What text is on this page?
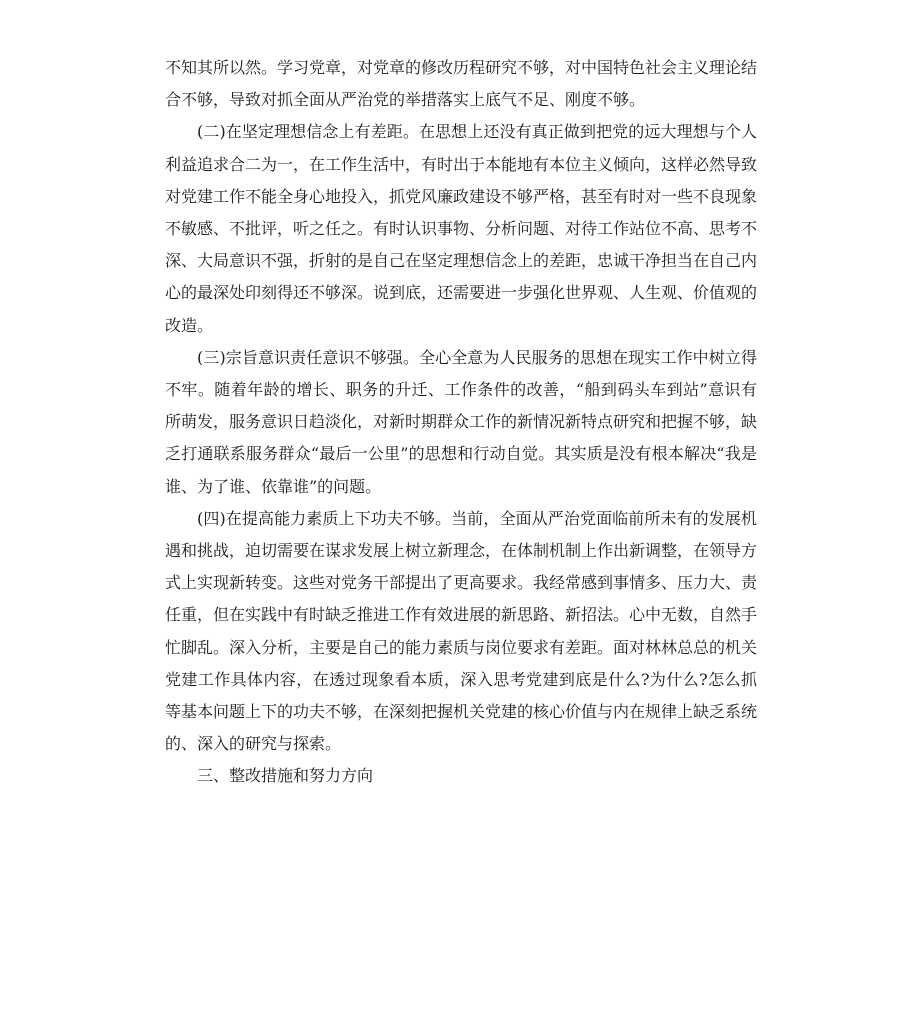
不知其所以然。学习党章，对党章的修改历程研究不够，对中国特色社会主义理论结合不够，导致对抓全面从严治党的举措落实上底气不足、刚度不够。

(二)在坚定理想信念上有差距。在思想上还没有真正做到把党的远大理想与个人利益追求合二为一，在工作生活中，有时出于本能地有本位主义倾向，这样必然导致对党建工作不能全身心地投入，抓党风廉政建设不够严格，甚至有时对一些不良现象不敏感、不批评，听之任之。有时认识事物、分析问题、对待工作站位不高、思考不深、大局意识不强，折射的是自己在坚定理想信念上的差距，忠诚干净担当在自己内心的最深处印刻得还不够深。说到底，还需要进一步强化世界观、人生观、价值观的改造。

(三)宗旨意识责任意识不够强。全心全意为人民服务的思想在现实工作中树立得不牢。随着年龄的增长、职务的升迁、工作条件的改善，“船到码头车到站”意识有所萌发，服务意识日趋淡化，对新时期群众工作的新情况新特点研究和把握不够，缺乏打通联系服务群众“最后一公里”的思想和行动自觉。其实质是没有根本解决“我是谁、为了谁、依靠谁”的问题。

(四)在提高能力素质上下功夫不够。当前，全面从严治党面临前所未有的发展机遇和挑战，迫切需要在谋求发展上树立新理念，在体制机制上作出新调整，在领导方式上实现新转变。这些对党务干部提出了更高要求。我经常感到事情多、压力大、责任重，但在实践中有时缺乏推进工作有效进展的新思路、新招法。心中无数，自然手忙脚乱。深入分析，主要是自己的能力素质与岗位要求有差距。面对林林总总的机关党建工作具体内容，在透过现象看本质，深入思考党建到底是什么?为什么?怎么抓等基本问题上下的功夫不够，在深刻把握机关党建的核心价值与内在规律上缺乏系统的、深入的研究与探索。

三、整改措施和努力方向
